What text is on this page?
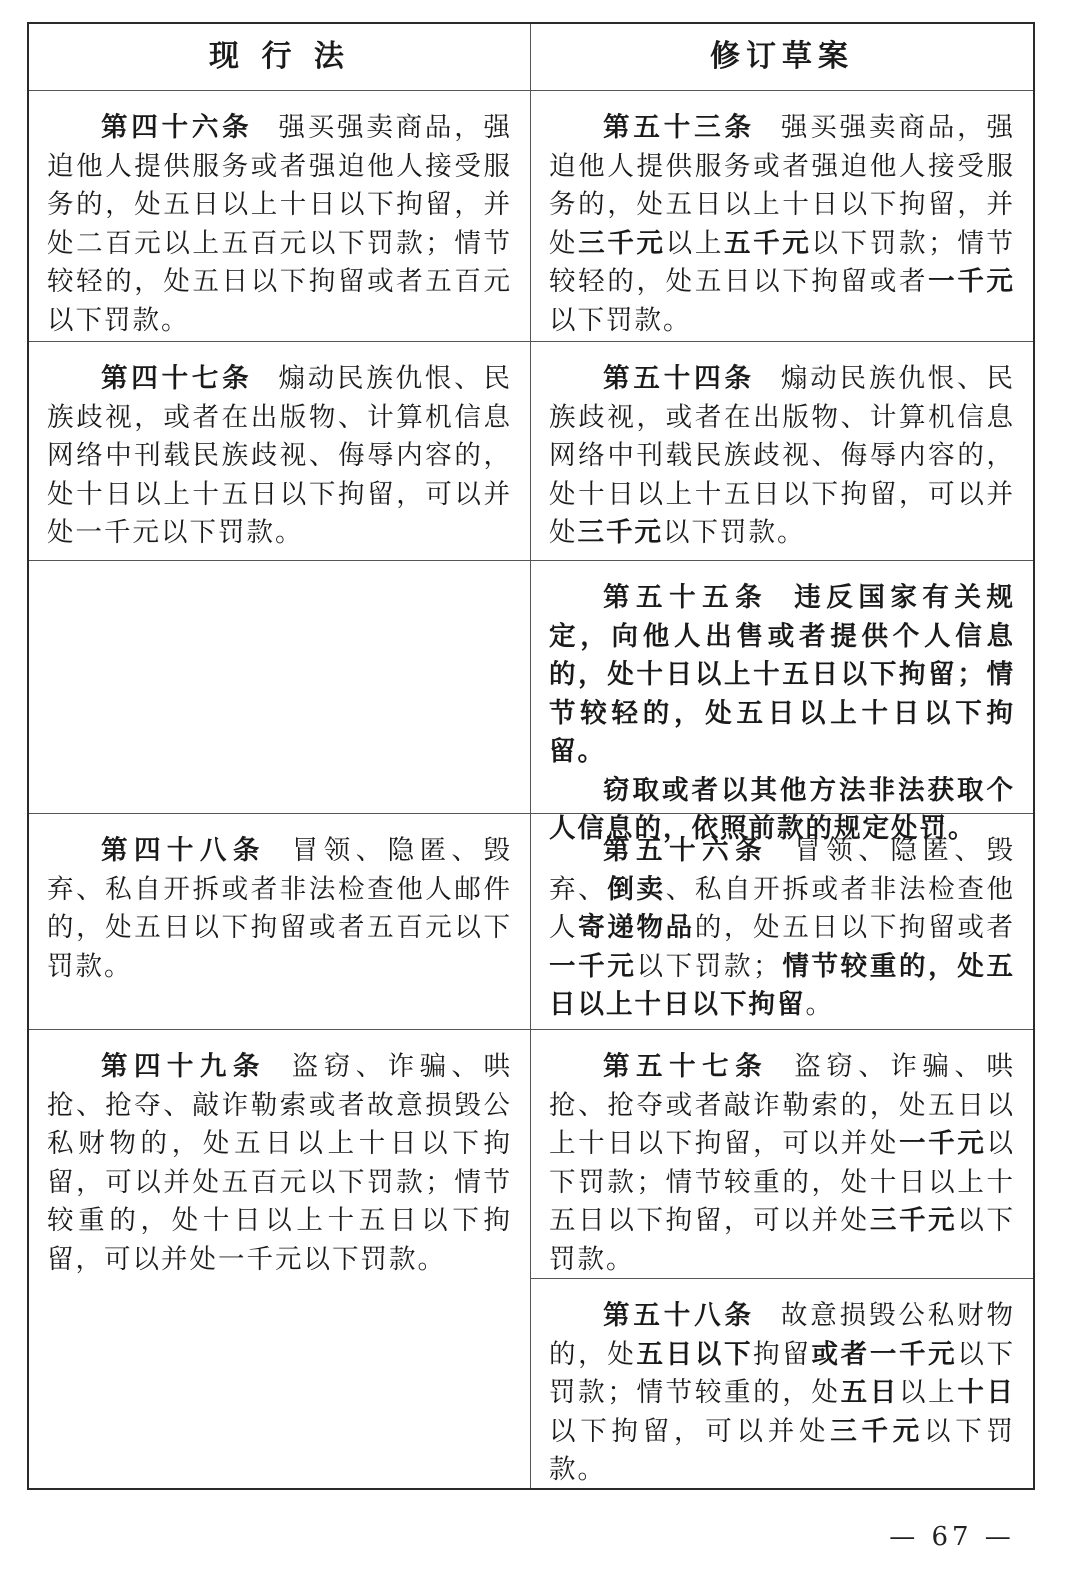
现 行 法	修订草案

第四十六条 强买强卖商品，强迫他人提供服务或者强迫他人接受服务的，处五日以上十日以下拘留，并处二百元以上五百元以下罚款；情节较轻的，处五日以下拘留或者五百元以下罚款。

第五十三条 强买强卖商品，强迫他人提供服务或者强迫他人接受服务的，处五日以上十日以下拘留，并处三千元以上五千元以下罚款；情节较轻的，处五日以下拘留或者一千元以下罚款。

第四十七条 煽动民族仇恨、民族歧视，或者在出版物、计算机信息网络中刊载民族歧视、侮辱内容的，处十日以上十五日以下拘留，可以并处一千元以下罚款。

第五十四条 煽动民族仇恨、民族歧视，或者在出版物、计算机信息网络中刊载民族歧视、侮辱内容的，处十日以上十五日以下拘留，可以并处三千元以下罚款。

第五十五条 违反国家有关规定，向他人出售或者提供个人信息的，处十日以上十五日以下拘留；情节较轻的，处五日以上十日以下拘留。

窃取或者以其他方法非法获取个人信息的，依照前款的规定处罚。

第四十八条 冒领、隐匿、毁弃、私自开拆或者非法检查他人邮件的，处五日以下拘留或者五百元以下罚款。

第五十六条 冒领、隐匿、毁弃、倒卖、私自开拆或者非法检查他人寄递物品的，处五日以下拘留或者一千元以下罚款；情节较重的，处五日以上十日以下拘留。

第四十九条 盗窃、诈骗、哄抢、抢夺、敲诈勒索或者故意损毁公私财物的，处五日以上十日以下拘留，可以并处五百元以下罚款；情节较重的，处十日以上十五日以下拘留，可以并处一千元以下罚款。

第五十七条 盗窃、诈骗、哄抢、抢夺或者敲诈勒索的，处五日以上十日以下拘留，可以并处一千元以下罚款；情节较重的，处十日以上十五日以下拘留，可以并处三千元以下罚款。

第五十八条 故意损毁公私财物的，处五日以下拘留或者一千元以下罚款；情节较重的，处五日以上十日以下拘留，可以并处三千元以下罚款。

— 67 —
